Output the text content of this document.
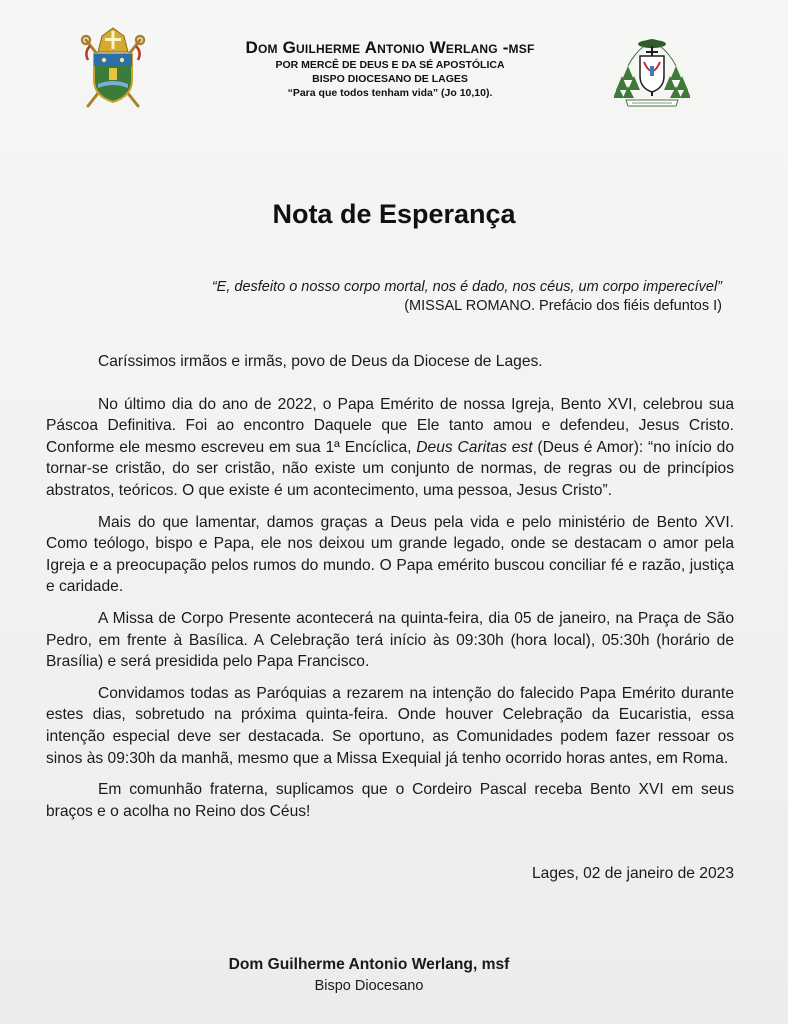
Dom Guilherme Antonio Werlang -msf
POR MERCÊ DE DEUS E DA SÉ APOSTÓLICA
BISPO DIOCESANO DE LAGES
“Para que todos tenham vida” (Jo 10,10).
Nota de Esperança
“E, desfeito o nosso corpo mortal, nos é dado, nos céus, um corpo imperecível”
(MISSAL ROMANO. Prefácio dos fiéis defuntos I)

Caríssimos irmãos e irmãs, povo de Deus da Diocese de Lages.

No último dia do ano de 2022, o Papa Emérito de nossa Igreja, Bento XVI, celebrou sua Páscoa Definitiva. Foi ao encontro Daquele que Ele tanto amou e defendeu, Jesus Cristo. Conforme ele mesmo escreveu em sua 1ª Encíclica, Deus Caritas est (Deus é Amor): “no início do tornar-se cristão, do ser cristão, não existe um conjunto de normas, de regras ou de princípios abstratos, teóricos. O que existe é um acontecimento, uma pessoa, Jesus Cristo”.

Mais do que lamentar, damos graças a Deus pela vida e pelo ministério de Bento XVI. Como teólogo, bispo e Papa, ele nos deixou um grande legado, onde se destacam o amor pela Igreja e a preocupação pelos rumos do mundo. O Papa emérito buscou conciliar fé e razão, justiça e caridade.

A Missa de Corpo Presente acontecerá na quinta-feira, dia 05 de janeiro, na Praça de São Pedro, em frente à Basílica. A Celebração terá início às 09:30h (hora local), 05:30h (horário de Brasília) e será presidida pelo Papa Francisco.

Convidamos todas as Paróquias a rezarem na intenção do falecido Papa Emérito durante estes dias, sobretudo na próxima quinta-feira. Onde houver Celebração da Eucaristia, essa intenção especial deve ser destacada. Se oportuno, as Comunidades podem fazer ressoar os sinos às 09:30h da manhã, mesmo que a Missa Exequial já tenho ocorrido horas antes, em Roma.

Em comunhão fraterna, suplicamos que o Cordeiro Pascal receba Bento XVI em seus braços e o acolha no Reino dos Céus!

Lages, 02 de janeiro de 2023
Dom Guilherme Antonio Werlang, msf
Bispo Diocesano
